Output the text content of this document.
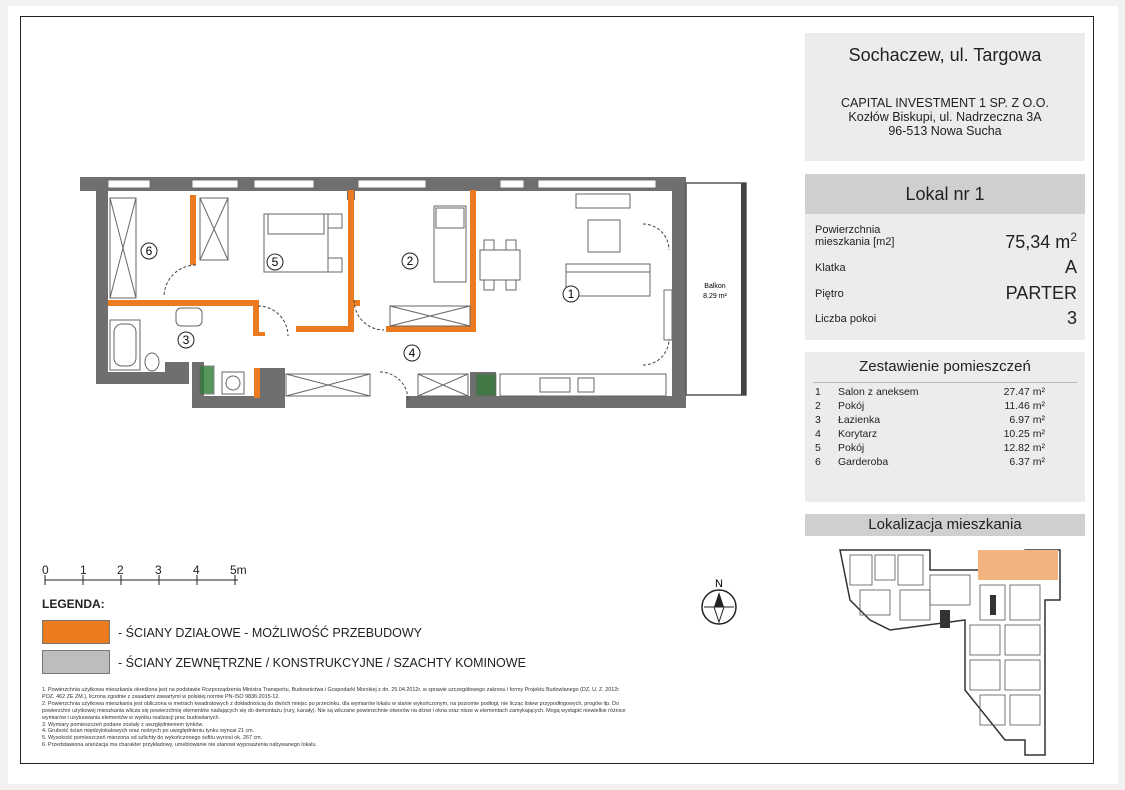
1
2
3
4
5
6
Balkon
8.29 m²
N
0	1	2	3	4	5m
Sochaczew, ul. Targowa
CAPITAL INVESTMENT 1 SP. Z O.O.
Kozłów Biskupi, ul. Nadrzeczna 3A
96-513 Nowa Sucha
Lokal nr 1
Powierzchnia
mieszkania [m2]	75,34 $m^2$
Klatka	A
Piętro	PARTER
Liczba pokoi	3
Zestawienie pomieszczeń
1 Salon z aneksem	27.47 m²
2 Pokój	11.46 m²
3 Łazienka	6.97 m²
4 Korytarz	10.25 m²
5 Pokój	12.82 m²
6 Garderoba	6.37 m²
Lokalizacja mieszkania
LEGENDA:
- ŚCIANY DZIAŁOWE - MOŻLIWOŚĆ PRZEBUDOWY
- ŚCIANY ZEWNĘTRZNE / KONSTRUKCYJNE / SZACHTY KOMINOWE
1. Powierzchnia użytkowa mieszkania określona jest na podstawie Rozporządzenia Ministra Transportu, Budownictwa i Gospodarki Morskiej z dn. 25.04.2012r. w sprawie szczegółowego zakresu i formy Projektu Budowlanego (DZ. U. Z. 2012r.
POZ. 462 ZE ZM.), liczona zgodnie z zasadami zawartymi w polskiej normie PN-ISO 9836:2015-12.
2. Powierzchnia użytkowa mieszkania jest obliczona w metrach kwadratowych z dokładnością do dwóch miejsc po przecinku, dla wymiarów lokalu w stanie wykończonym, na poziomie podłogi, nie licząc listew przypodłogowych, progów itp. Do
powierzchni użytkowej mieszkania wlicza się powierzchnię elementów nadających się do demontażu (rury, kanały). Nie są wliczane powierzchnie otworów na drzwi i okna oraz nisze w elementach zamykających. Mogą wystąpić niewielkie różnice
wymiarów i usytuowania elementów w wyniku realizacji prac budowlanych.
3. Wymiary pomieszczeń podane zostały z uwzględnieniem tynków.
4. Grubość ścian międzylokalowych oraz nośnych po uwzględnieniu tynku wynosi 21 cm.
5. Wysokość pomieszczeń mierzona od szlichty do wykończonego sufitu wynosi ok. 267 cm.
6. Przedstawiona aranżacja ma charakter przykładowy, umeblowanie nie stanowi wyposażenia nabywanego lokalu.
